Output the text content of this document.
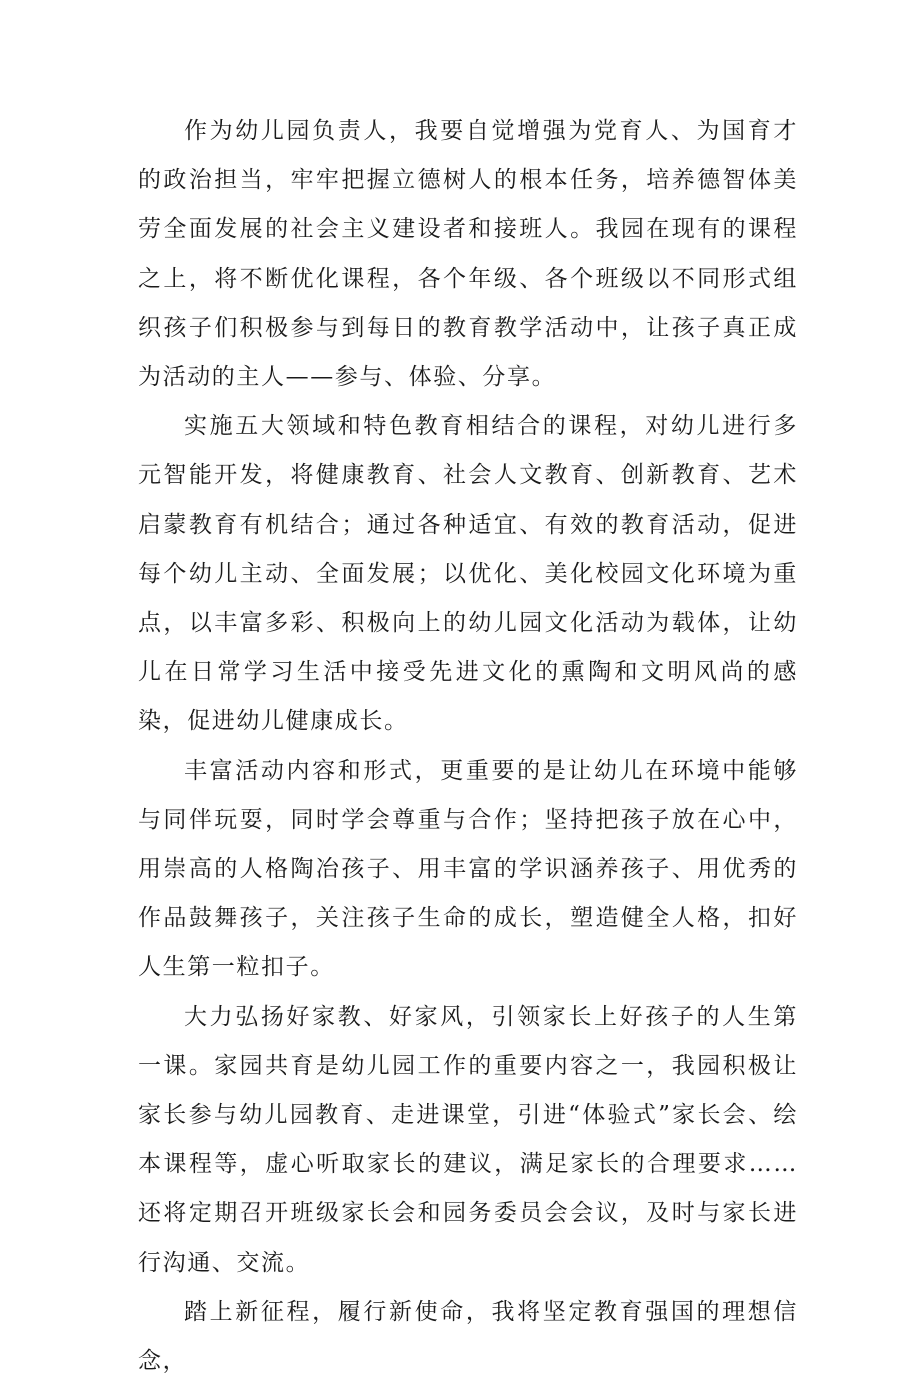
作为幼儿园负责人，我要自觉增强为党育人、为国育才的政治担当，牢牢把握立德树人的根本任务，培养德智体美劳全面发展的社会主义建设者和接班人。我园在现有的课程之上，将不断优化课程，各个年级、各个班级以不同形式组织孩子们积极参与到每日的教育教学活动中，让孩子真正成为活动的主人——参与、体验、分享。

实施五大领域和特色教育相结合的课程，对幼儿进行多元智能开发，将健康教育、社会人文教育、创新教育、艺术启蒙教育有机结合；通过各种适宜、有效的教育活动，促进每个幼儿主动、全面发展；以优化、美化校园文化环境为重点，以丰富多彩、积极向上的幼儿园文化活动为载体，让幼儿在日常学习生活中接受先进文化的熏陶和文明风尚的感染，促进幼儿健康成长。

丰富活动内容和形式，更重要的是让幼儿在环境中能够与同伴玩耍，同时学会尊重与合作；坚持把孩子放在心中，用崇高的人格陶冶孩子、用丰富的学识涵养孩子、用优秀的作品鼓舞孩子，关注孩子生命的成长，塑造健全人格，扣好人生第一粒扣子。

大力弘扬好家教、好家风，引领家长上好孩子的人生第一课。家园共育是幼儿园工作的重要内容之一，我园积极让家长参与幼儿园教育、走进课堂，引进“体验式”家长会、绘本课程等，虚心听取家长的建议，满足家长的合理要求……还将定期召开班级家长会和园务委员会会议，及时与家长进行沟通、交流。

踏上新征程，履行新使命，我将坚定教育强国的理想信念，
